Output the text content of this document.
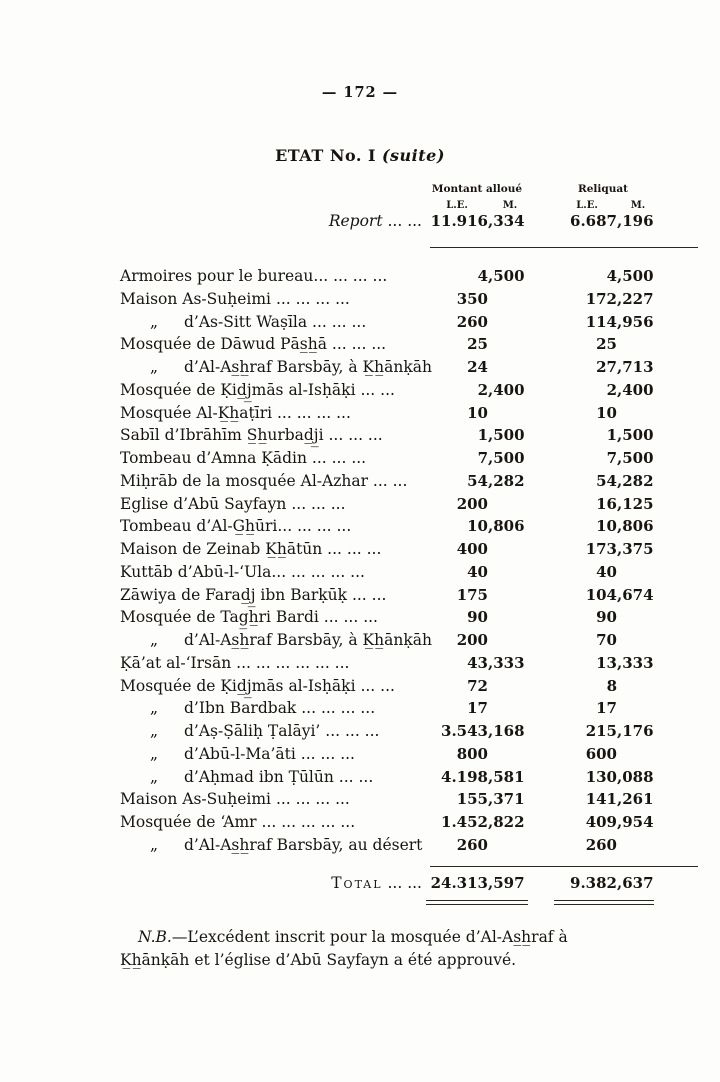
— 172 —
ETAT No. I (suite)
Montant alloué	Reliquat
L.E.	M.	L.E.	M.
Report ... ... 11.916 ,334	6.687 ,196
Armoires pour le bureau... ... ... ...	4 ,500	4 ,500
Maison As-Suḥeimi ... ... ... ...	350	172 ,227
„ d’As-Sitt Waṣīla ... ... ...	260	114 ,956
Mosquée de Dāwud Pās̲h̲ā ... ... ...	25	25
„ d’Al-As̲h̲raf Barsbāy, à K̲h̲ānḳāh	24	27 ,713
Mosquée de Ḳid̲j̲mās al-Isḥāḳi ... ...	2 ,400	2 ,400
Mosquée Al-K̲h̲aṭīri ... ... ... ...	10	10
Sabīl d’Ibrāhīm S̲h̲urbad̲j̲i ... ... ...	1 ,500	1 ,500
Tombeau d’Amna Ḳādin ... ... ...	7 ,500	7 ,500
Miḥrāb de la mosquée Al-Azhar ... ...	54 ,282	54 ,282
Eglise d’Abū Sayfayn ... ... ...	200	16 ,125
Tombeau d’Al-G̲h̲ūri... ... ... ...	10 ,806	10 ,806
Maison de Zeinab K̲h̲ātūn ... ... ...	400	173 ,375
Kuttāb d’Abū-l-‘Ula... ... ... ... ...	40	40
Zāwiya de Farad̲j̲ ibn Barḳūḳ ... ...	175	104 ,674
Mosquée de Tag̲h̲ri Bardi ... ... ...	90	90
„ d’Al-As̲h̲raf Barsbāy, à K̲h̲ānḳāh	200	70
Ḳā’at al-‘Irsān ... ... ... ... ... ...	43 ,333	13 ,333
Mosquée de Ḳid̲j̲mās al-Isḥāḳi ... ...	72	8
„ d’Ibn Bardbak ... ... ... ...	17	17
„ d’Aṣ-Ṣāliḥ Ṭalāyi’ ... ... ...	3.543 ,168	215 ,176
„ d’Abū-l-Ma’āti ... ... ...	800	600
„ d’Aḥmad ibn Ṭūlūn ... ...	4.198 ,581	130 ,088
Maison As-Suḥeimi ... ... ... ...	155 ,371	141 ,261
Mosquée de ‘Amr ... ... ... ... ...	1.452 ,822	409 ,954
„ d’Al-As̲h̲raf Barsbāy, au désert	260	260
Total ... ... 24.313 ,597	9.382 ,637
N.B.—L’excédent inscrit pour la mosquée d’Al-As̲h̲raf à K̲h̲ānḳāh et l’église d’Abū Sayfayn a été approuvé.
